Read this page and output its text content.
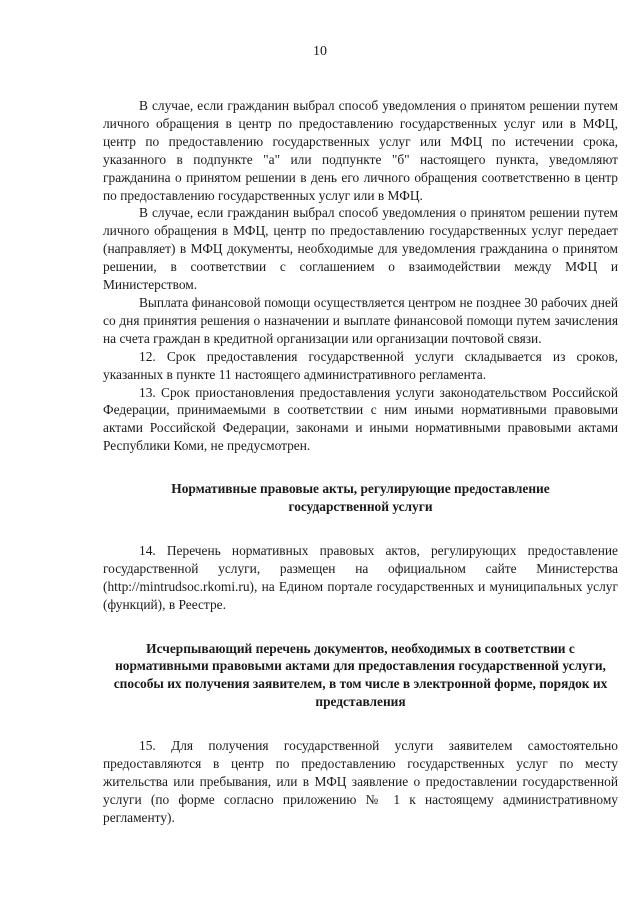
10

В случае, если гражданин выбрал способ уведомления о принятом решении путем личного обращения в центр по предоставлению государственных услуг или в МФЦ, центр по предоставлению государственных услуг или МФЦ по истечении срока, указанного в подпункте "а" или подпункте "б" настоящего пункта, уведомляют гражданина о принятом решении в день его личного обращения соответственно в центр по предоставлению государственных услуг или в МФЦ.

В случае, если гражданин выбрал способ уведомления о принятом решении путем личного обращения в МФЦ, центр по предоставлению государственных услуг передает (направляет) в МФЦ документы, необходимые для уведомления гражданина о принятом решении, в соответствии с соглашением о взаимодействии между МФЦ и Министерством.

Выплата финансовой помощи осуществляется центром не позднее 30 рабочих дней со дня принятия решения о назначении и выплате финансовой помощи путем зачисления на счета граждан в кредитной организации или организации почтовой связи.

12. Срок предоставления государственной услуги складывается из сроков, указанных в пункте 11 настоящего административного регламента.

13. Срок приостановления предоставления услуги законодательством Российской Федерации, принимаемыми в соответствии с ним иными нормативными правовыми актами Российской Федерации, законами и иными нормативными правовыми актами Республики Коми, не предусмотрен.

Нормативные правовые акты, регулирующие предоставление государственной услуги

14. Перечень нормативных правовых актов, регулирующих предоставление государственной услуги, размещен на официальном сайте Министерства (http://mintrudsoc.rkomi.ru), на Едином портале государственных и муниципальных услуг (функций), в Реестре.

Исчерпывающий перечень документов, необходимых в соответствии с нормативными правовыми актами для предоставления государственной услуги, способы их получения заявителем, в том числе в электронной форме, порядок их представления

15. Для получения государственной услуги заявителем самостоятельно предоставляются в центр по предоставлению государственных услуг по месту жительства или пребывания, или в МФЦ заявление о предоставлении государственной услуги (по форме согласно приложению № 1 к настоящему административному регламенту).
